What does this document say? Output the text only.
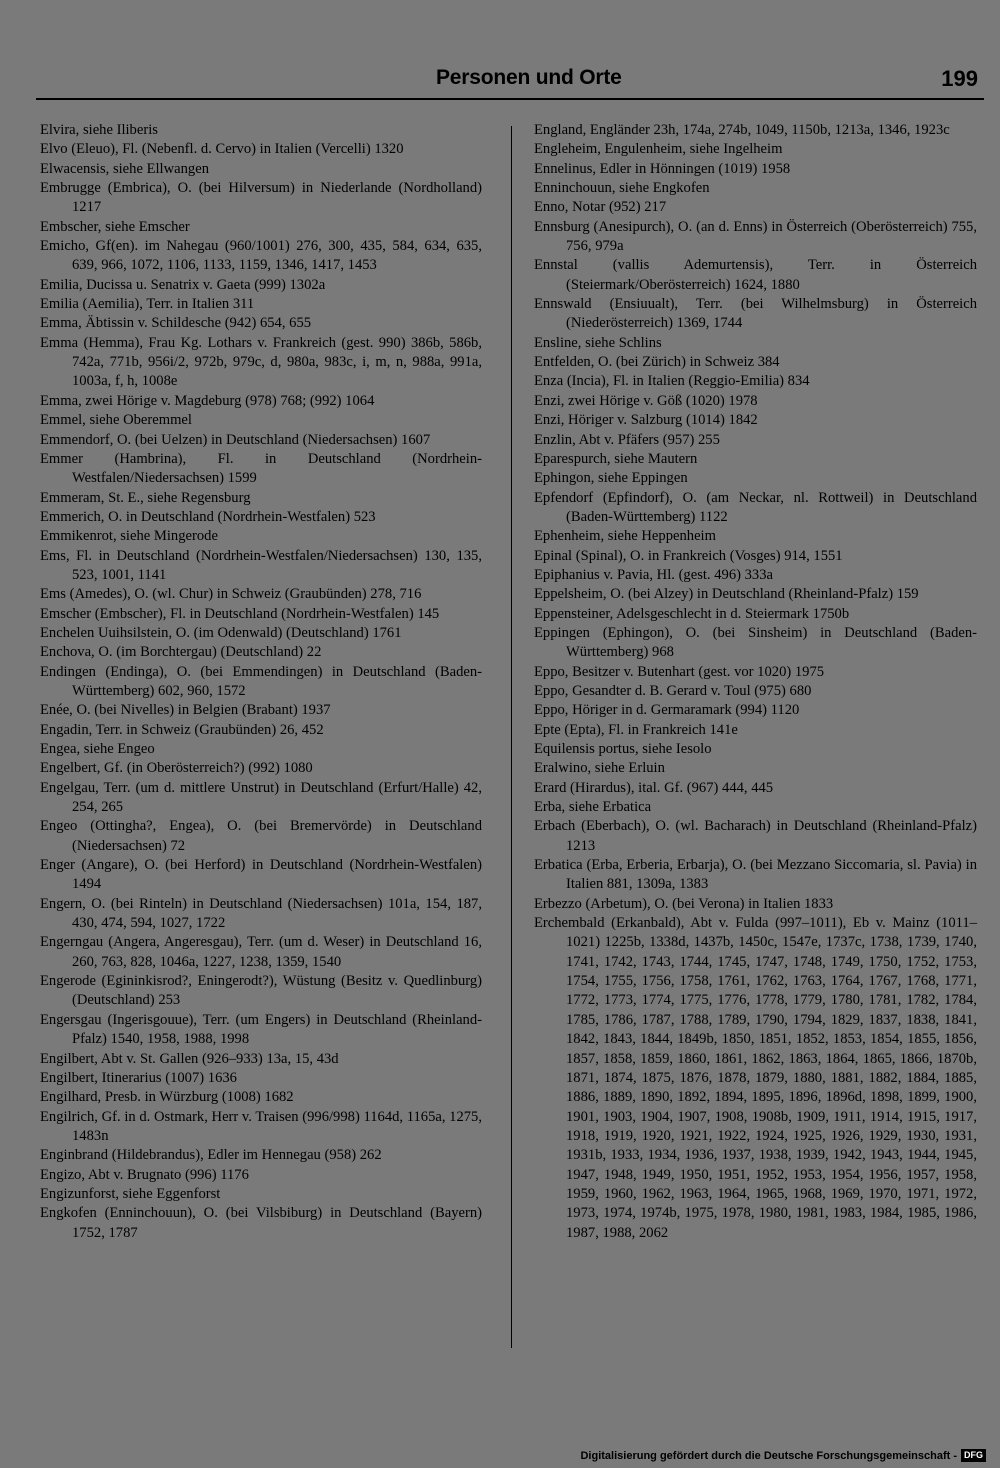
Personen und Orte	199

Elvira, siehe Iliberis

Elvo (Eleuo), Fl. (Nebenfl. d. Cervo) in Italien (Vercelli) 1320

Elwacensis, siehe Ellwangen

Embrugge (Embrica), O. (bei Hilversum) in Niederlande (Nordholland) 1217

Embscher, siehe Emscher

Emicho, Gf(en). im Nahegau (960/1001) 276, 300, 435, 584, 634, 635, 639, 966, 1072, 1106, 1133, 1159, 1346, 1417, 1453

Emilia, Ducissa u. Senatrix v. Gaeta (999) 1302a

Emilia (Aemilia), Terr. in Italien 311

Emma, Äbtissin v. Schildesche (942) 654, 655

Emma (Hemma), Frau Kg. Lothars v. Frankreich (gest. 990) 386b, 586b, 742a, 771b, 956i/2, 972b, 979c, d, 980a, 983c, i, m, n, 988a, 991a, 1003a, f, h, 1008e

Emma, zwei Hörige v. Magdeburg (978) 768; (992) 1064

Emmel, siehe Oberemmel

Emmendorf, O. (bei Uelzen) in Deutschland (Niedersachsen) 1607

Emmer (Hambrina), Fl. in Deutschland (Nordrhein-Westfalen/Niedersachsen) 1599

Emmeram, St. E., siehe Regensburg

Emmerich, O. in Deutschland (Nordrhein-Westfalen) 523

Emmikenrot, siehe Mingerode

Ems, Fl. in Deutschland (Nordrhein-Westfalen/Niedersachsen) 130, 135, 523, 1001, 1141

Ems (Amedes), O. (wl. Chur) in Schweiz (Graubünden) 278, 716

Emscher (Embscher), Fl. in Deutschland (Nordrhein-Westfalen) 145

Enchelen Uuihsilstein, O. (im Odenwald) (Deutschland) 1761

Enchova, O. (im Borchtergau) (Deutschland) 22

Endingen (Endinga), O. (bei Emmendingen) in Deutschland (Baden-Württemberg) 602, 960, 1572

Enée, O. (bei Nivelles) in Belgien (Brabant) 1937

Engadin, Terr. in Schweiz (Graubünden) 26, 452

Engea, siehe Engeo

Engelbert, Gf. (in Oberösterreich?) (992) 1080

Engelgau, Terr. (um d. mittlere Unstrut) in Deutschland (Erfurt/Halle) 42, 254, 265

Engeo (Ottingha?, Engea), O. (bei Bremervörde) in Deutschland (Niedersachsen) 72

Enger (Angare), O. (bei Herford) in Deutschland (Nordrhein-Westfalen) 1494

Engern, O. (bei Rinteln) in Deutschland (Niedersachsen) 101a, 154, 187, 430, 474, 594, 1027, 1722

Engerngau (Angera, Angeresgau), Terr. (um d. Weser) in Deutschland 16, 260, 763, 828, 1046a, 1227, 1238, 1359, 1540

Engerode (Egininkisrod?, Eningerodt?), Wüstung (Besitz v. Quedlinburg) (Deutschland) 253

Engersgau (Ingerisgouue), Terr. (um Engers) in Deutschland (Rheinland-Pfalz) 1540, 1958, 1988, 1998

Engilbert, Abt v. St. Gallen (926–933) 13a, 15, 43d

Engilbert, Itinerarius (1007) 1636

Engilhard, Presb. in Würzburg (1008) 1682

Engilrich, Gf. in d. Ostmark, Herr v. Traisen (996/998) 1164d, 1165a, 1275, 1483n

Enginbrand (Hildebrandus), Edler im Hennegau (958) 262

Engizo, Abt v. Brugnato (996) 1176

Engizunforst, siehe Eggenforst

Engkofen (Enninchouun), O. (bei Vilsbiburg) in Deutschland (Bayern) 1752, 1787

England, Engländer 23h, 174a, 274b, 1049, 1150b, 1213a, 1346, 1923c

Engleheim, Engulenheim, siehe Ingelheim

Ennelinus, Edler in Hönningen (1019) 1958

Enninchouun, siehe Engkofen

Enno, Notar (952) 217

Ennsburg (Anesipurch), O. (an d. Enns) in Österreich (Oberösterreich) 755, 756, 979a

Ennstal (vallis Ademurtensis), Terr. in Österreich (Steiermark/Oberösterreich) 1624, 1880

Ennswald (Ensiuualt), Terr. (bei Wilhelmsburg) in Österreich (Niederösterreich) 1369, 1744

Ensline, siehe Schlins

Entfelden, O. (bei Zürich) in Schweiz 384

Enza (Incia), Fl. in Italien (Reggio-Emilia) 834

Enzi, zwei Hörige v. Göß (1020) 1978

Enzi, Höriger v. Salzburg (1014) 1842

Enzlin, Abt v. Pfäfers (957) 255

Eparespurch, siehe Mautern

Ephingon, siehe Eppingen

Epfendorf (Epfindorf), O. (am Neckar, nl. Rottweil) in Deutschland (Baden-Württemberg) 1122

Ephenheim, siehe Heppenheim

Epinal (Spinal), O. in Frankreich (Vosges) 914, 1551

Epiphanius v. Pavia, Hl. (gest. 496) 333a

Eppelsheim, O. (bei Alzey) in Deutschland (Rheinland-Pfalz) 159

Eppensteiner, Adelsgeschlecht in d. Steiermark 1750b

Eppingen (Ephingon), O. (bei Sinsheim) in Deutschland (Baden-Württemberg) 968

Eppo, Besitzer v. Butenhart (gest. vor 1020) 1975

Eppo, Gesandter d. B. Gerard v. Toul (975) 680

Eppo, Höriger in d. Germaramark (994) 1120

Epte (Epta), Fl. in Frankreich 141e

Equilensis portus, siehe Iesolo

Eralwino, siehe Erluin

Erard (Hirardus), ital. Gf. (967) 444, 445

Erba, siehe Erbatica

Erbach (Eberbach), O. (wl. Bacharach) in Deutschland (Rheinland-Pfalz) 1213

Erbatica (Erba, Erberia, Erbarja), O. (bei Mezzano Siccomaria, sl. Pavia) in Italien 881, 1309a, 1383

Erbezzo (Arbetum), O. (bei Verona) in Italien 1833

Erchembald (Erkanbald), Abt v. Fulda (997–1011), Eb v. Mainz (1011–1021) 1225b, 1338d, 1437b, 1450c, 1547e, 1737c, 1738, 1739, 1740, 1741, 1742, 1743, 1744, 1745, 1747, 1748, 1749, 1750, 1752, 1753, 1754, 1755, 1756, 1758, 1761, 1762, 1763, 1764, 1767, 1768, 1771, 1772, 1773, 1774, 1775, 1776, 1778, 1779, 1780, 1781, 1782, 1784, 1785, 1786, 1787, 1788, 1789, 1790, 1794, 1829, 1837, 1838, 1841, 1842, 1843, 1844, 1849b, 1850, 1851, 1852, 1853, 1854, 1855, 1856, 1857, 1858, 1859, 1860, 1861, 1862, 1863, 1864, 1865, 1866, 1870b, 1871, 1874, 1875, 1876, 1878, 1879, 1880, 1881, 1882, 1884, 1885, 1886, 1889, 1890, 1892, 1894, 1895, 1896, 1896d, 1898, 1899, 1900, 1901, 1903, 1904, 1907, 1908, 1908b, 1909, 1911, 1914, 1915, 1917, 1918, 1919, 1920, 1921, 1922, 1924, 1925, 1926, 1929, 1930, 1931, 1931b, 1933, 1934, 1936, 1937, 1938, 1939, 1942, 1943, 1944, 1945, 1947, 1948, 1949, 1950, 1951, 1952, 1953, 1954, 1956, 1957, 1958, 1959, 1960, 1962, 1963, 1964, 1965, 1968, 1969, 1970, 1971, 1972, 1973, 1974, 1974b, 1975, 1978, 1980, 1981, 1983, 1984, 1985, 1986, 1987, 1988, 2062

Digitalisierung gefördert durch die Deutsche Forschungsgemeinschaft - DFG
